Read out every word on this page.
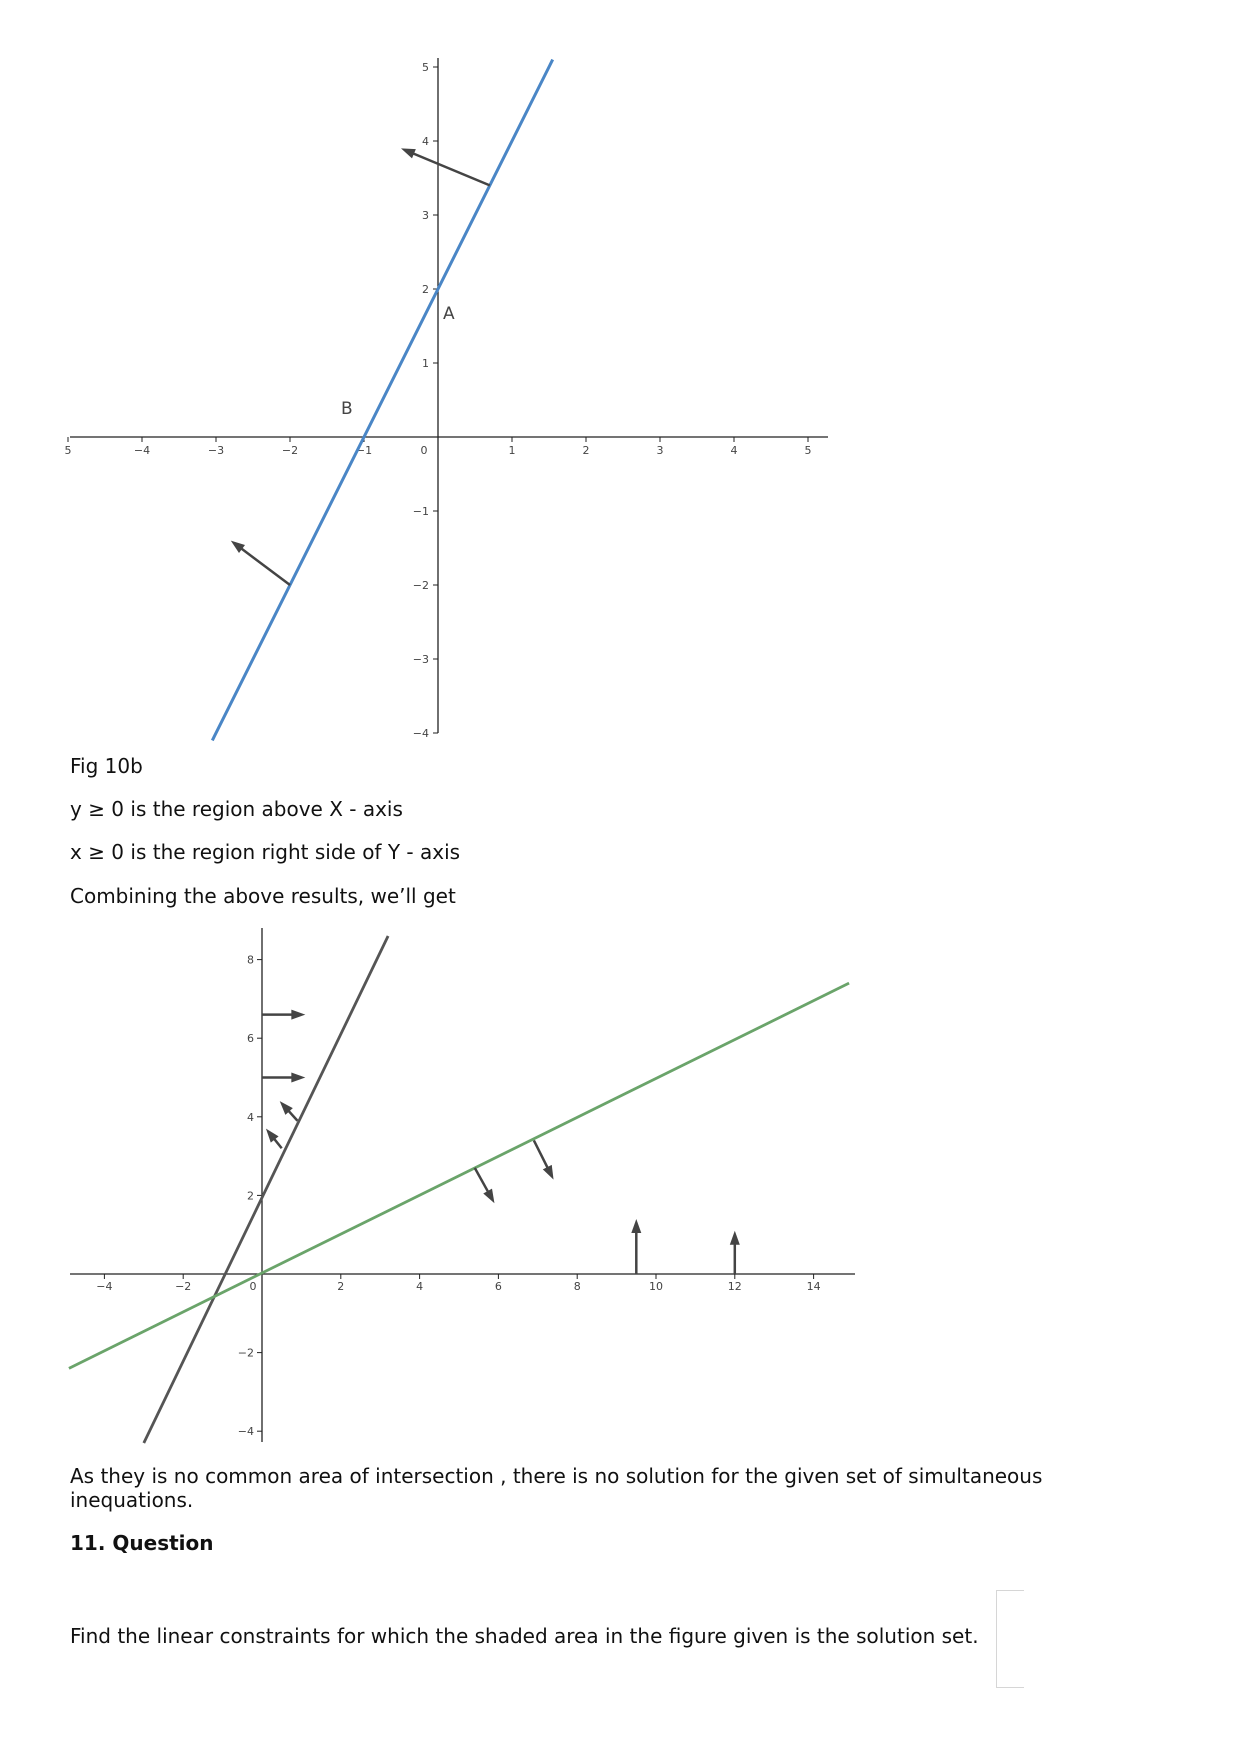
5	−4	−3	−2	−1	0	1	2	3	4	5
5
4
3
2
1
−1
−2
−3
−4
A
B
Fig 10b
y ≥ 0 is the region above X - axis
x ≥ 0 is the region right side of Y - axis
Combining the above results, we’ll get
−4	−2	0	2	4	6	8	10	12	14
8
6
4
2
−2
−4
As they is no common area of intersection , there is no solution for the given set of simultaneous inequations.
11. Question
Find the linear constraints for which the shaded area in the figure given is the solution set.
